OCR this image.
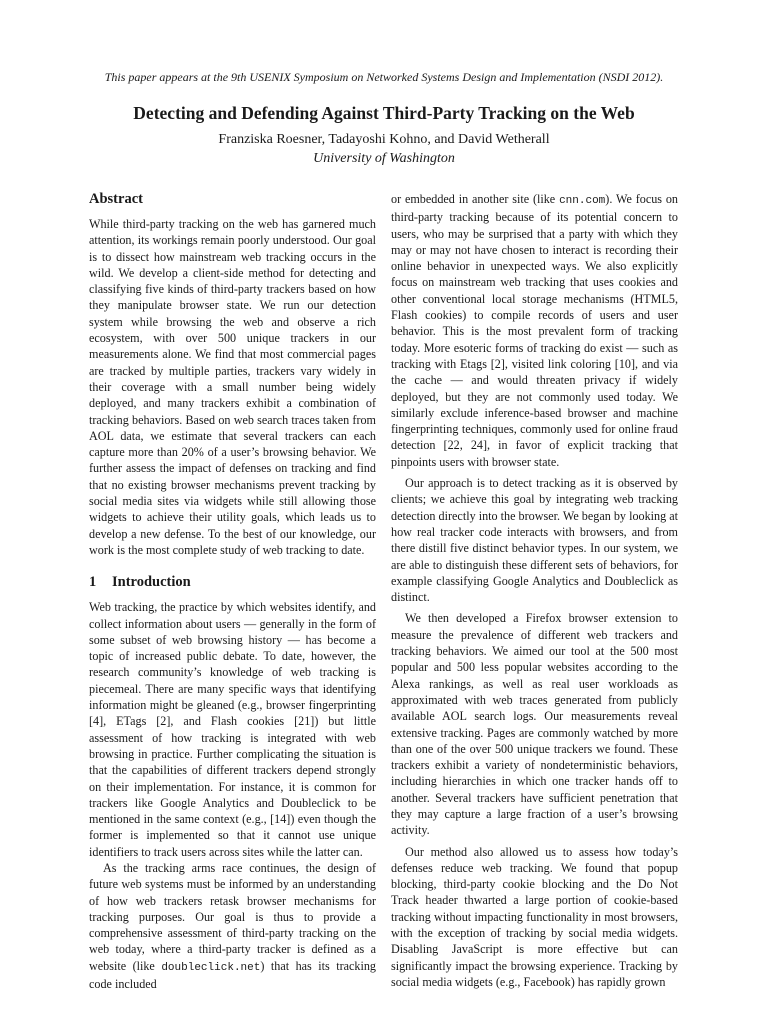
This paper appears at the 9th USENIX Symposium on Networked Systems Design and Implementation (NSDI 2012).
Detecting and Defending Against Third-Party Tracking on the Web
Franziska Roesner, Tadayoshi Kohno, and David Wetherall
University of Washington
Abstract

While third-party tracking on the web has garnered much attention, its workings remain poorly understood. Our goal is to dissect how mainstream web tracking occurs in the wild. We develop a client-side method for detecting and classifying five kinds of third-party trackers based on how they manipulate browser state. We run our detection system while browsing the web and observe a rich ecosystem, with over 500 unique trackers in our measurements alone. We find that most commercial pages are tracked by multiple parties, trackers vary widely in their coverage with a small number being widely deployed, and many trackers exhibit a combination of tracking behaviors. Based on web search traces taken from AOL data, we estimate that several trackers can each capture more than 20% of a user’s browsing behavior. We further assess the impact of defenses on tracking and find that no existing browser mechanisms prevent tracking by social media sites via widgets while still allowing those widgets to achieve their utility goals, which leads us to develop a new defense. To the best of our knowledge, our work is the most complete study of web tracking to date.

1 Introduction

Web tracking, the practice by which websites identify, and collect information about users — generally in the form of some subset of web browsing history — has become a topic of increased public debate. To date, however, the research community’s knowledge of web tracking is piecemeal. There are many specific ways that identifying information might be gleaned (e.g., browser fingerprinting [4], ETags [2], and Flash cookies [21]) but little assessment of how tracking is integrated with web browsing in practice. Further complicating the situation is that the capabilities of different trackers depend strongly on their implementation. For instance, it is common for trackers like Google Analytics and Doubleclick to be mentioned in the same context (e.g., [14]) even though the former is implemented so that it cannot use unique identifiers to track users across sites while the latter can.

As the tracking arms race continues, the design of future web systems must be informed by an understanding of how web trackers retask browser mechanisms for tracking purposes. Our goal is thus to provide a comprehensive assessment of third-party tracking on the web today, where a third-party tracker is defined as a website (like doubleclick.net) that has its tracking code included

or embedded in another site (like cnn.com). We focus on third-party tracking because of its potential concern to users, who may be surprised that a party with which they may or may not have chosen to interact is recording their online behavior in unexpected ways. We also explicitly focus on mainstream web tracking that uses cookies and other conventional local storage mechanisms (HTML5, Flash cookies) to compile records of users and user behavior. This is the most prevalent form of tracking today. More esoteric forms of tracking do exist — such as tracking with Etags [2], visited link coloring [10], and via the cache — and would threaten privacy if widely deployed, but they are not commonly used today. We similarly exclude inference-based browser and machine fingerprinting techniques, commonly used for online fraud detection [22, 24], in favor of explicit tracking that pinpoints users with browser state.

Our approach is to detect tracking as it is observed by clients; we achieve this goal by integrating web tracking detection directly into the browser. We began by looking at how real tracker code interacts with browsers, and from there distill five distinct behavior types. In our system, we are able to distinguish these different sets of behaviors, for example classifying Google Analytics and Doubleclick as distinct.

We then developed a Firefox browser extension to measure the prevalence of different web trackers and tracking behaviors. We aimed our tool at the 500 most popular and 500 less popular websites according to the Alexa rankings, as well as real user workloads as approximated with web traces generated from publicly available AOL search logs. Our measurements reveal extensive tracking. Pages are commonly watched by more than one of the over 500 unique trackers we found. These trackers exhibit a variety of nondeterministic behaviors, including hierarchies in which one tracker hands off to another. Several trackers have sufficient penetration that they may capture a large fraction of a user’s browsing activity.

Our method also allowed us to assess how today’s defenses reduce web tracking. We found that popup blocking, third-party cookie blocking and the Do Not Track header thwarted a large portion of cookie-based tracking without impacting functionality in most browsers, with the exception of tracking by social media widgets. Disabling JavaScript is more effective but can significantly impact the browsing experience. Tracking by social media widgets (e.g., Facebook) has rapidly grown
